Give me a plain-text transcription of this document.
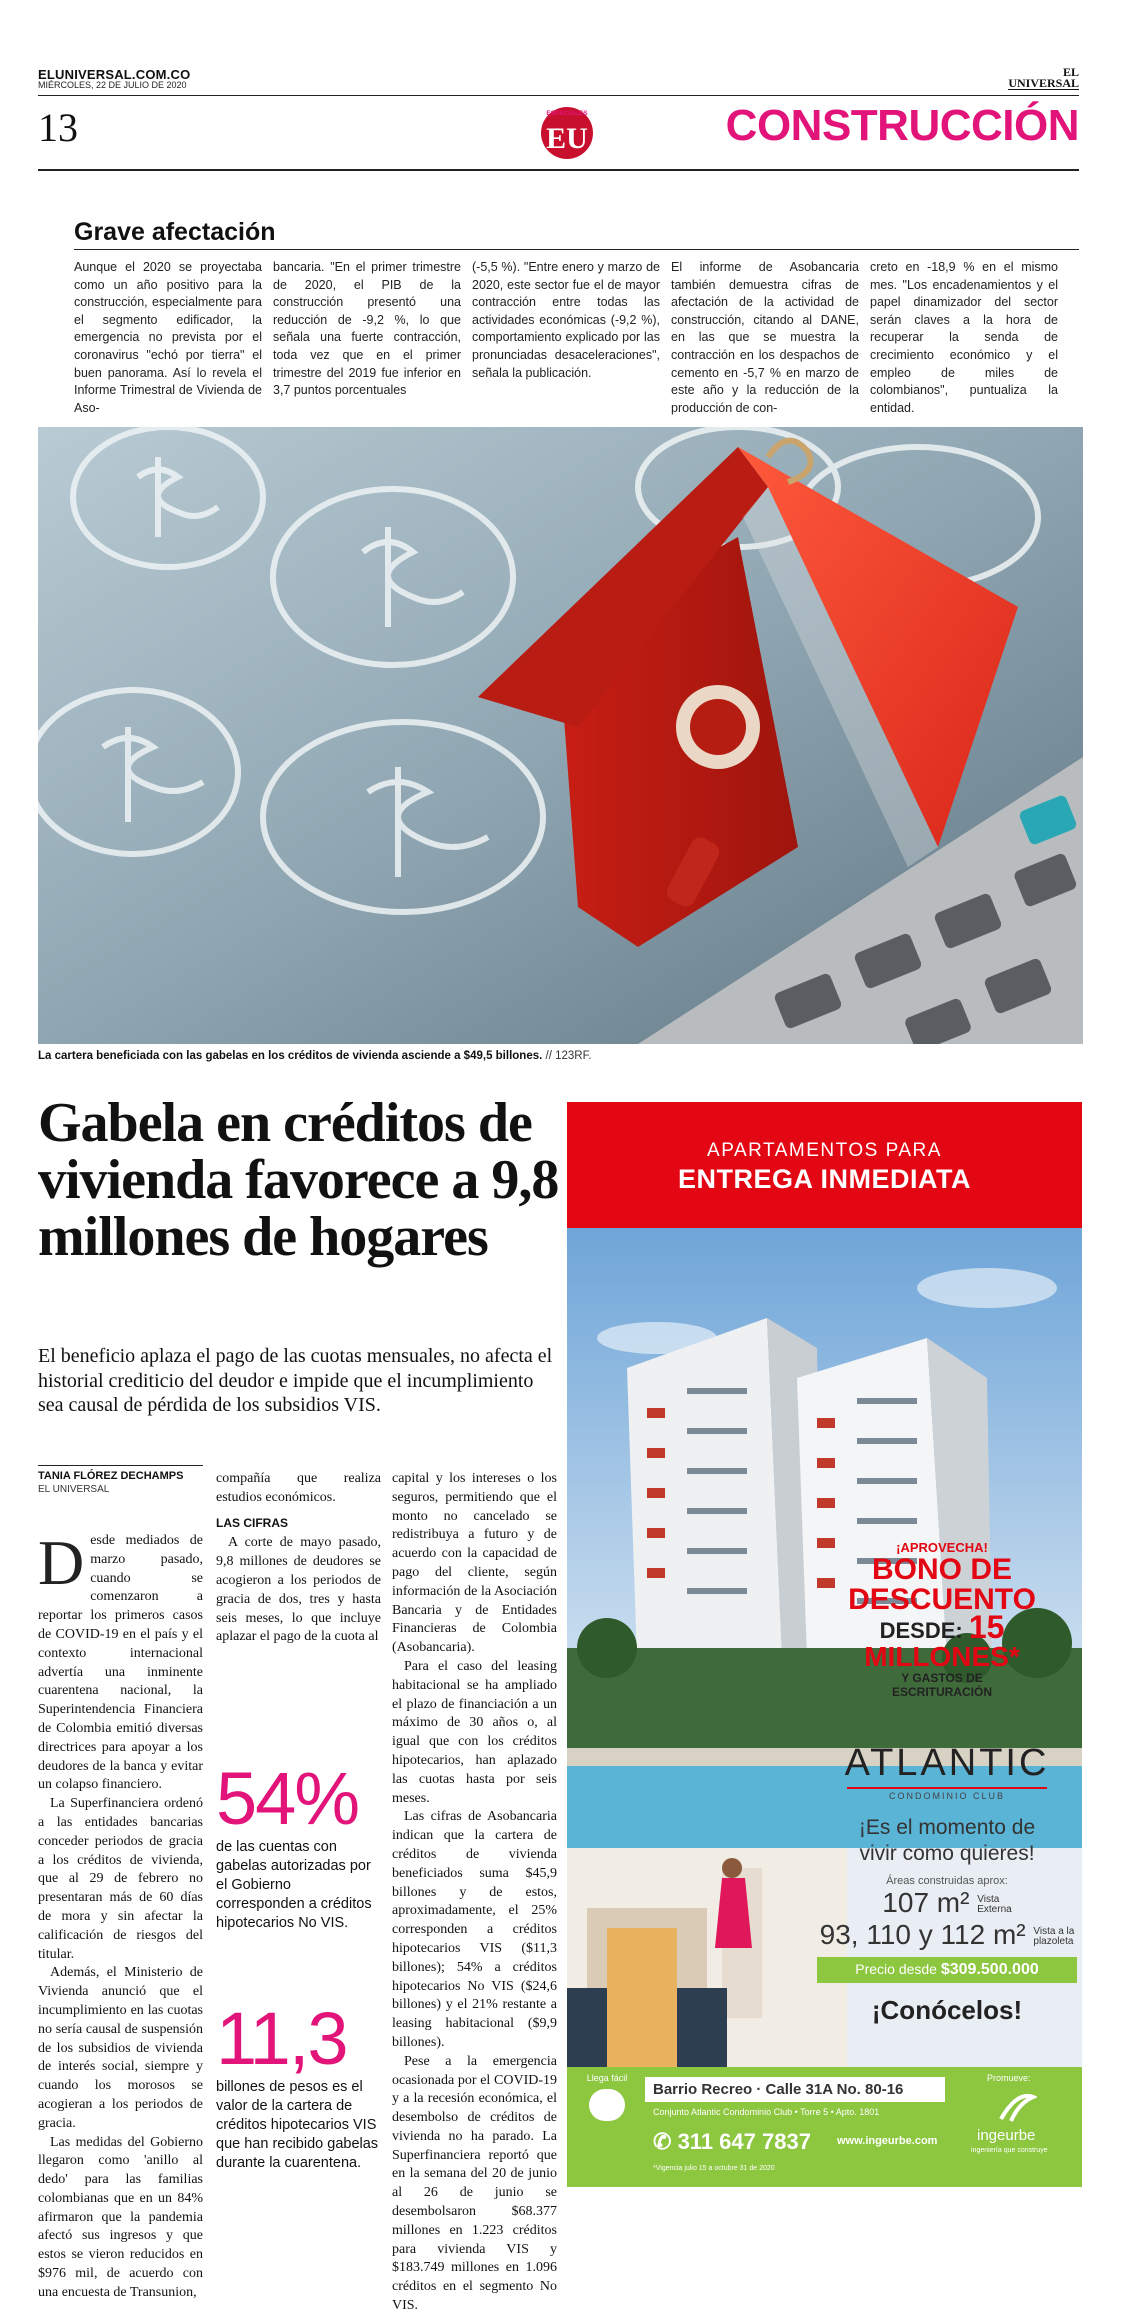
ELUNIVERSAL.COM.CO
MIÉRCOLES, 22 DE JULIO DE 2020
EL
UNIVERSAL
13	ESPECIALES
EU	CONSTRUCCIÓN
Grave afectación
Aunque el 2020 se proyectaba como un año positivo para la construcción, especialmente para el segmento edificador, la emergencia no prevista por el coronavirus "echó por tierra" el buen panorama. Así lo revela el Informe Trimestral de Vivienda de Aso-
bancaria. "En el primer trimestre de 2020, el PIB de la construcción presentó una reducción de -9,2 %, lo que señala una fuerte contracción, toda vez que en el primer trimestre del 2019 fue inferior en 3,7 puntos porcentuales
(-5,5 %). "Entre enero y marzo de 2020, este sector fue el de mayor contracción entre todas las actividades económicas (-9,2 %), comportamiento explicado por las pronunciadas desaceleraciones", señala la publicación.
El informe de Asobancaria también demuestra cifras de afectación de la actividad de construcción, citando al DANE, en las que se muestra la contracción en los despachos de cemento en -5,7 % en marzo de este año y la reducción de la producción de con-
creto en -18,9 % en el mismo mes. "Los encadenamientos y el papel dinamizador del sector serán claves a la hora de recuperar la senda de crecimiento económico y el empleo de miles de colombianos", puntualiza la entidad.
La cartera beneficiada con las gabelas en los créditos de vivienda asciende a $49,5 billones. // 123RF.
Gabela en créditos de vivienda favorece a 9,8 millones de hogares
El beneficio aplaza el pago de las cuotas mensuales, no afecta el historial crediticio del deudor e impide que el incumplimiento sea causal de pérdida de los subsidios VIS.
TANIA FLÓREZ DECHAMPS
EL UNIVERSAL
D esde mediados de marzo pasado, cuando se comenzaron a reportar los primeros casos de COVID-19 en el país y el contexto internacional advertía una inminente cuarentena nacional, la Superintendencia Financiera de Colombia emitió diversas directrices para apoyar a los deudores de la banca y evitar un colapso financiero.

La Superfinanciera ordenó a las entidades bancarias conceder periodos de gracia a los créditos de vivienda, que al 29 de febrero no presentaran más de 60 días de mora y sin afectar la calificación de riesgos del titular.

Además, el Ministerio de Vivienda anunció que el incumplimiento en las cuotas no sería causal de suspensión de los subsidios de vivienda de interés social, siempre y cuando los morosos se acogieran a los periodos de gracia.

Las medidas del Gobierno llegaron como 'anillo al dedo' para las familias colombianas que en un 84% afirmaron que la pandemia afectó sus ingresos y que estos se vieron reducidos en $976 mil, de acuerdo con una encuesta de Transunion,

compañía que realiza estudios económicos.

LAS CIFRAS

A corte de mayo pasado, 9,8 millones de deudores se acogieron a los periodos de gracia de dos, tres y hasta seis meses, lo que incluye aplazar el pago de la cuota al

54%
de las cuentas con gabelas autorizadas por el Gobierno corresponden a créditos hipotecarios No VIS.
11,3
billones de pesos es el valor de la cartera de créditos hipotecarios VIS que han recibido gabelas durante la cuarentena.

capital y los intereses o los seguros, permitiendo que el monto no cancelado se redistribuya a futuro y de acuerdo con la capacidad de pago del cliente, según información de la Asociación Bancaria y de Entidades Financieras de Colombia (Asobancaria).

Para el caso del leasing habitacional se ha ampliado el plazo de financiación a un máximo de 30 años o, al igual que con los créditos hipotecarios, han aplazado las cuotas hasta por seis meses.

Las cifras de Asobancaria indican que la cartera de créditos de vivienda beneficiados suma $45,9 billones y de estos, aproximadamente, el 25% corresponden a créditos hipotecarios VIS ($11,3 billones); 54% a créditos hipotecarios No VIS ($24,6 billones) y el 21% restante a leasing habitacional ($9,9 billones).

Pese a la emergencia ocasionada por el COVID-19 y a la recesión económica, el desembolso de créditos de vivienda no ha parado. La Superfinanciera reportó que en la semana del 20 de junio al 26 de junio se desembolsaron $68.377 millones en 1.223 créditos para vivienda VIS y $183.749 millones en 1.096 créditos en el segmento No VIS.

APARTAMENTOS PARA
ENTREGA INMEDIATA
¡APROVECHA!
BONO DE
DESCUENTO
DESDE: 15
MILLONES*
Y GASTOS DE
ESCRITURACIÓN
ATLANTIC
CONDOMINIO CLUB
¡Es el momento de
vivir como quieres!
Áreas construidas aprox:
107 m² Vista
Externa
93, 110 y 112 m² Vista a la
plazoleta
Precio desde $309.500.000
¡Conócelos!
Llega fácil
Barrio Recreo · Calle 31A No. 80-16
Conjunto Atlantic Condominio Club • Torre 5 • Apto. 1801
✆ 311 647 7837 www.ingeurbe.com
Promueve:
ingeurbe
ingeniería que construye
*Vigencia julio 15 a octubre 31 de 2020
